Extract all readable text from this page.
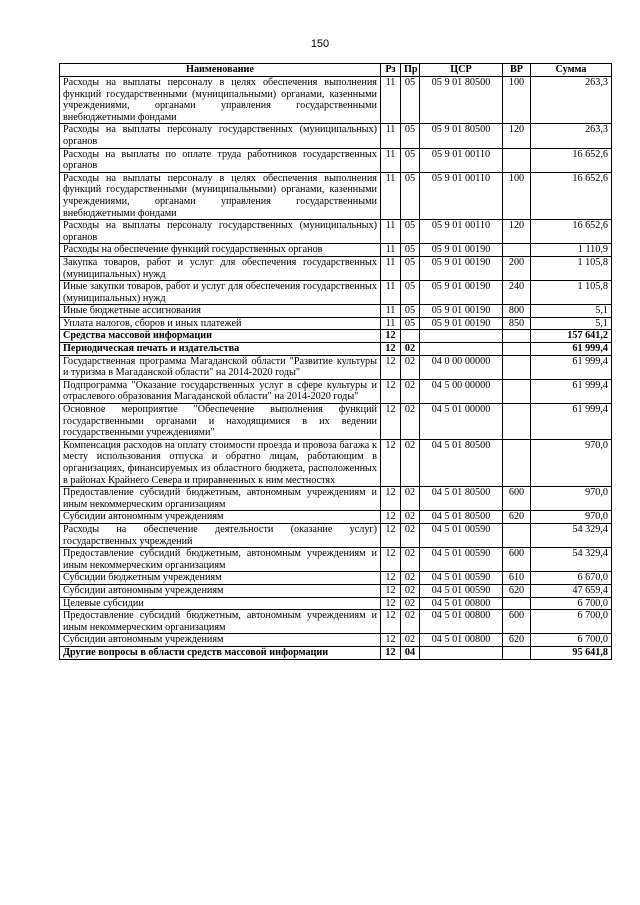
150
Наименование	Рз	Пр	ЦСР	ВР	Сумма
Расходы на выплаты персоналу в целях обеспечения выполнения функций государственными (муниципальными) органами, казенными учреждениями, органами управления государственными внебюджетными фондами	11	05	05 9 01 80500	100	263,3
Расходы на выплаты персоналу государственных (муниципальных) органов	11	05	05 9 01 80500	120	263,3
Расходы на выплаты по оплате труда работников государственных органов	11	05	05 9 01 00110		16 652,6
Расходы на выплаты персоналу в целях обеспечения выполнения функций государственными (муниципальными) органами, казенными учреждениями, органами управления государственными внебюджетными фондами	11	05	05 9 01 00110	100	16 652,6
Расходы на выплаты персоналу государственных (муниципальных) органов	11	05	05 9 01 00110	120	16 652,6
Расходы на обеспечение функций государственных органов	11	05	05 9 01 00190		1 110,9
Закупка товаров, работ и услуг для обеспечения государственных (муниципальных) нужд	11	05	05 9 01 00190	200	1 105,8
Иные закупки товаров, работ и услуг для обеспечения государственных (муниципальных) нужд	11	05	05 9 01 00190	240	1 105,8
Иные бюджетные ассигнования	11	05	05 9 01 00190	800	5,1
Уплата налогов, сборов и иных платежей	11	05	05 9 01 00190	850	5,1
Средства массовой информации	12				157 641,2
Периодическая печать и издательства	12	02			61 999,4
Государственная программа Магаданской области "Развитие культуры и туризма в Магаданской области" на 2014-2020 годы"	12	02	04 0 00 00000		61 999,4
Подпрограмма "Оказание государственных услуг в сфере культуры и отраслевого образования Магаданской области" на 2014-2020 годы"	12	02	04 5 00 00000		61 999,4
Основное мероприятие "Обеспечение выполнения функций государственными органами и находящимися в их ведении государственными учреждениями"	12	02	04 5 01 00000		61 999,4
Компенсация расходов на оплату стоимости проезда и провоза багажа к месту использования отпуска и обратно лицам, работающим в организациях, финансируемых из областного бюджета, расположенных в районах Крайнего Севера и приравненных к ним местностях	12	02	04 5 01 80500		970,0
Предоставление субсидий бюджетным, автономным учреждениям и иным некоммерческим организациям	12	02	04 5 01 80500	600	970,0
Субсидии автономным учреждениям	12	02	04 5 01 80500	620	970,0
Расходы на обеспечение деятельности (оказание услуг) государственных учреждений	12	02	04 5 01 00590		54 329,4
Предоставление субсидий бюджетным, автономным учреждениям и иным некоммерческим организациям	12	02	04 5 01 00590	600	54 329,4
Субсидии бюджетным учреждениям	12	02	04 5 01 00590	610	6 670,0
Субсидии автономным учреждениям	12	02	04 5 01 00590	620	47 659,4
Целевые субсидии	12	02	04 5 01 00800		6 700,0
Предоставление субсидий бюджетным, автономным учреждениям и иным некоммерческим организациям	12	02	04 5 01 00800	600	6 700,0
Субсидии автономным учреждениям	12	02	04 5 01 00800	620	6 700,0
Другие вопросы в области средств массовой информации	12	04			95 641,8
